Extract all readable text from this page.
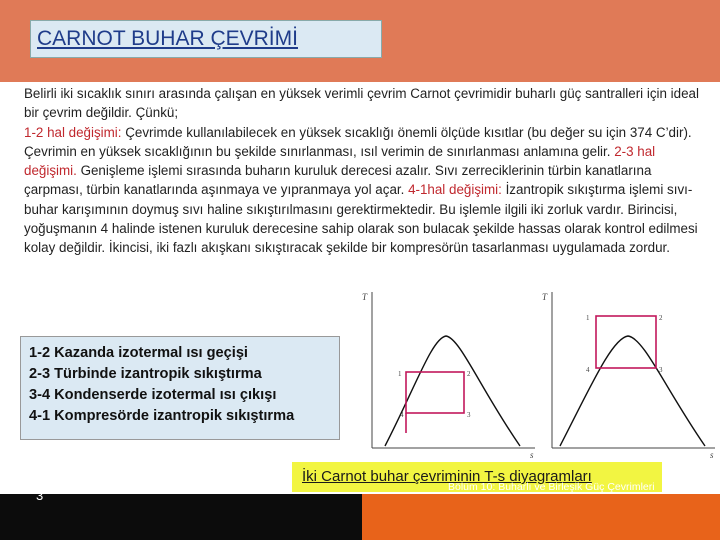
CARNOT BUHAR ÇEVRİMİ

Belirli iki sıcaklık sınırı arasında çalışan en yüksek verimli çevrim Carnot çevrimidir buharlı güç santralleri için ideal bir çevrim değildir. Çünkü;

1-2 hal değişimi: Çevrimde kullanılabilecek en yüksek sıcaklığı önemli ölçüde kısıtlar (bu değer su için 374 C’dir). Çevrimin en yüksek sıcaklığının bu şekilde sınırlanması, ısıl verimin de sınırlanması anlamına gelir. 2-3 hal değişimi. Genişleme işlemi sırasında buharın kuruluk derecesi azalır. Sıvı zerreciklerinin türbin kanatlarına çarpması, türbin kanatlarında aşınmaya ve yıpranmaya yol açar. 4-1hal değişimi: İzantropik sıkıştırma işlemi sıvı-buhar karışımının doymuş sıvı haline sıkıştırılmasını gerektirmektedir. Bu işlemle ilgili iki zorluk vardır. Birincisi, yoğuşmanın 4 halinde istenen kuruluk derecesine sahip olarak son bulacak şekilde hassas olarak kontrol edilmesi kolay değildir. İkincisi, iki fazlı akışkanı sıkıştıracak şekilde bir kompresörün tasarlanması uygulamada zordur.

T
s
1	2
3
4
T
s
1	2
3
4
1-2 Kazanda izotermal ısı geçişi
2-3 Türbinde izantropik sıkıştırma
3-4 Kondenserde izotermal ısı çıkışı
4-1 Kompresörde izantropik sıkıştırma
İki Carnot buhar çevriminin T-s diyagramları
3
Bölüm 10: Buharlı ve Birleşik Güç Çevrimleri
